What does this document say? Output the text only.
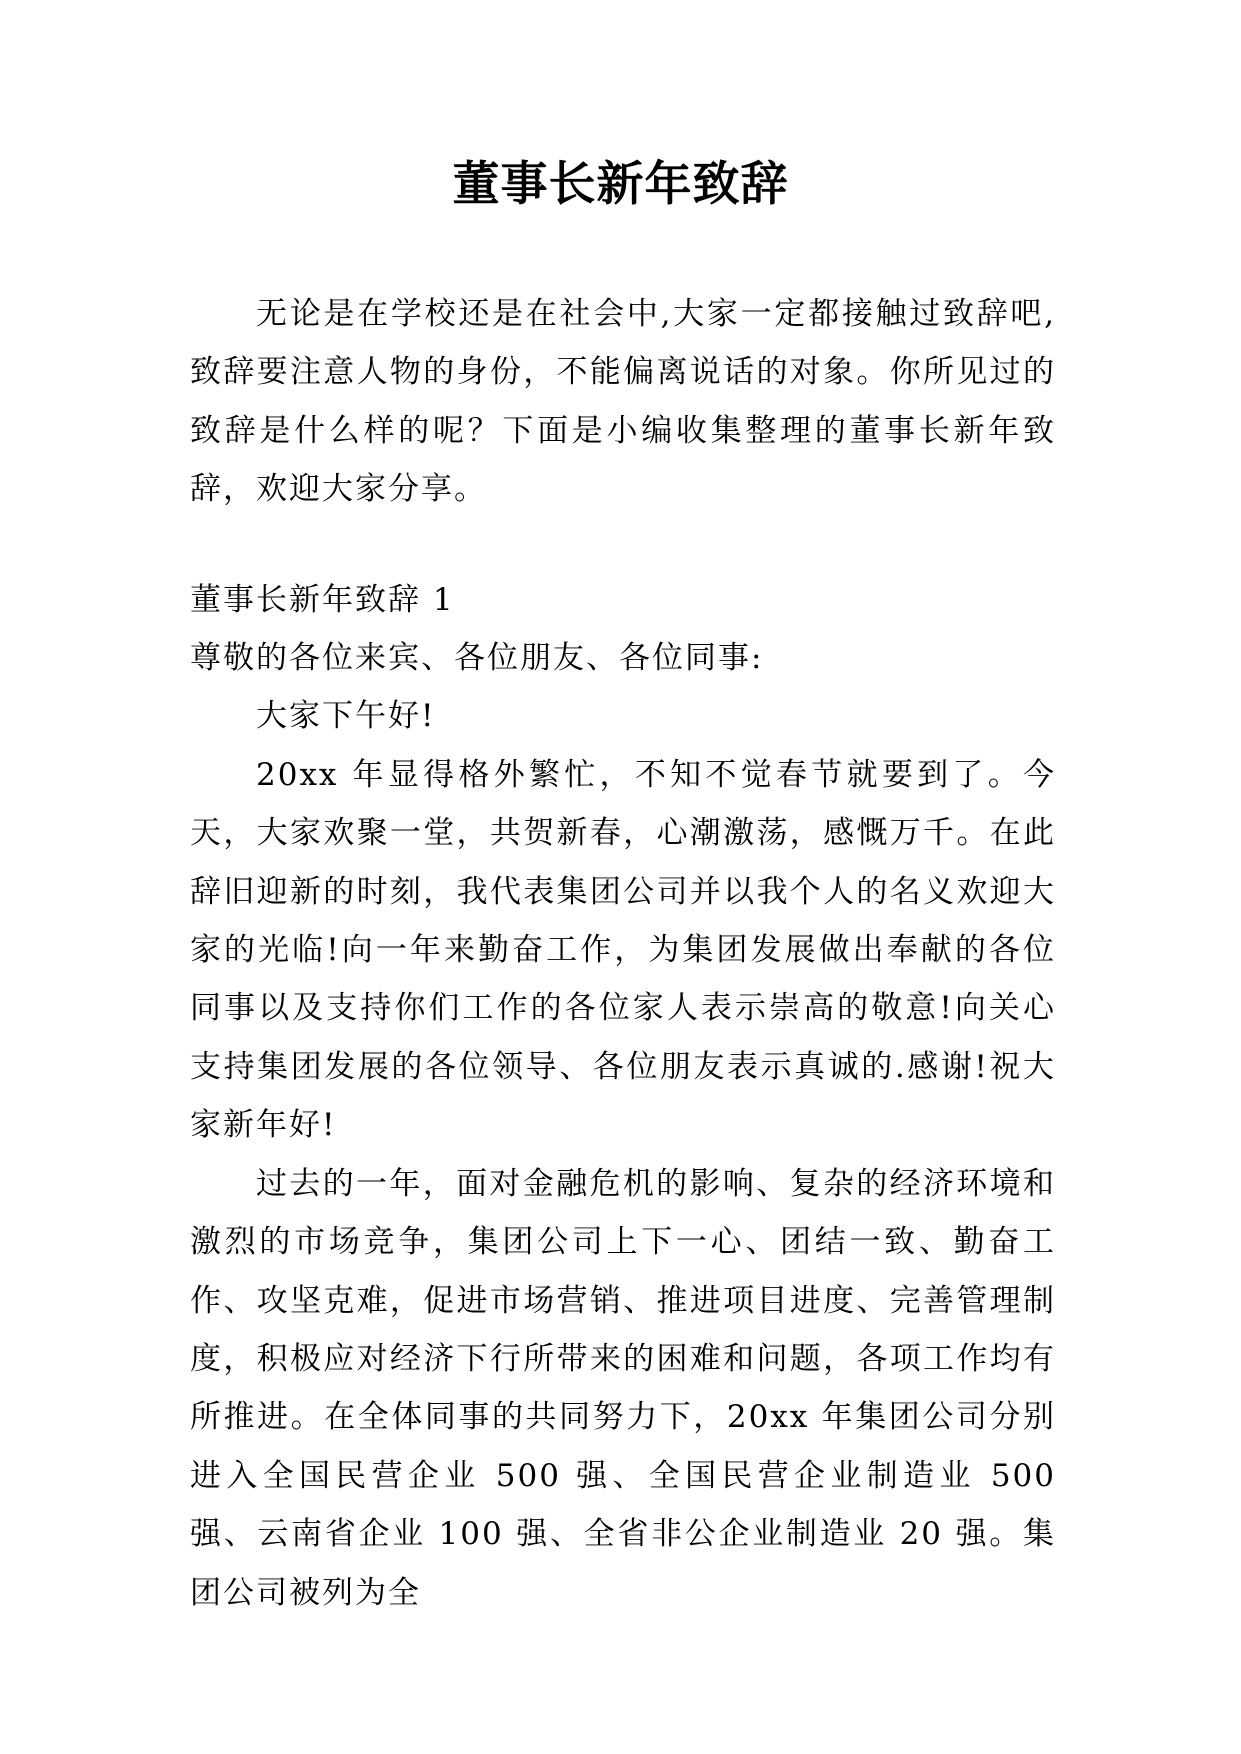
董事长新年致辞

无论是在学校还是在社会中,大家一定都接触过致辞吧,致辞要注意人物的身份，不能偏离说话的对象。你所见过的致辞是什么样的呢？下面是小编收集整理的董事长新年致辞，欢迎大家分享。

董事长新年致辞 1

尊敬的各位来宾、各位朋友、各位同事:

大家下午好!

20xx 年显得格外繁忙，不知不觉春节就要到了。今天，大家欢聚一堂，共贺新春，心潮激荡，感慨万千。在此辞旧迎新的时刻，我代表集团公司并以我个人的名义欢迎大家的光临!向一年来勤奋工作，为集团发展做出奉献的各位同事以及支持你们工作的各位家人表示崇高的敬意!向关心支持集团发展的各位领导、各位朋友表示真诚的.感谢!祝大家新年好!

过去的一年，面对金融危机的影响、复杂的经济环境和激烈的市场竞争，集团公司上下一心、团结一致、勤奋工作、攻坚克难，促进市场营销、推进项目进度、完善管理制度，积极应对经济下行所带来的困难和问题，各项工作均有所推进。在全体同事的共同努力下，20xx 年集团公司分别进入全国民营企业 500 强、全国民营企业制造业 500 强、云南省企业 100 强、全省非公企业制造业 20 强。集团公司被列为全
